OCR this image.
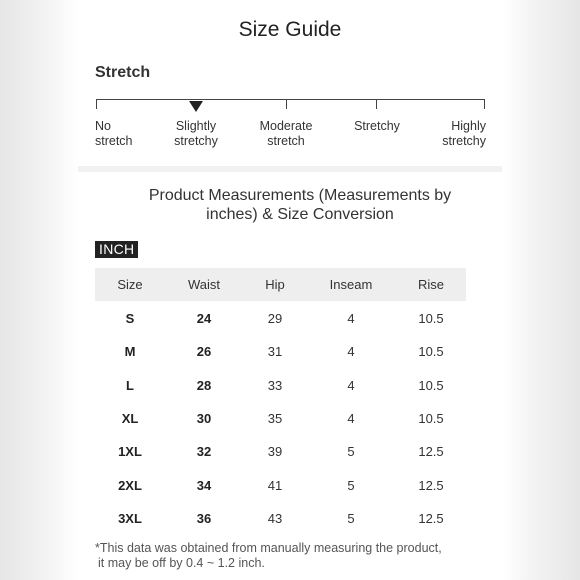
Size Guide
Stretch
No
stretch
Slightly
stretchy
Moderate
stretch
Stretchy	Highly
stretchy
Product Measurements (Measurements by
inches) & Size Conversion
INCH
Size	Waist	Hip	Inseam	Rise
S	24	29	4	10.5
M	26	31	4	10.5
L	28	33	4	10.5
XL	30	35	4	10.5
1XL	32	39	5	12.5
2XL	34	41	5	12.5
3XL	36	43	5	12.5
*This data was obtained from manually measuring the product,
it may be off by 0.4 ~ 1.2 inch.
